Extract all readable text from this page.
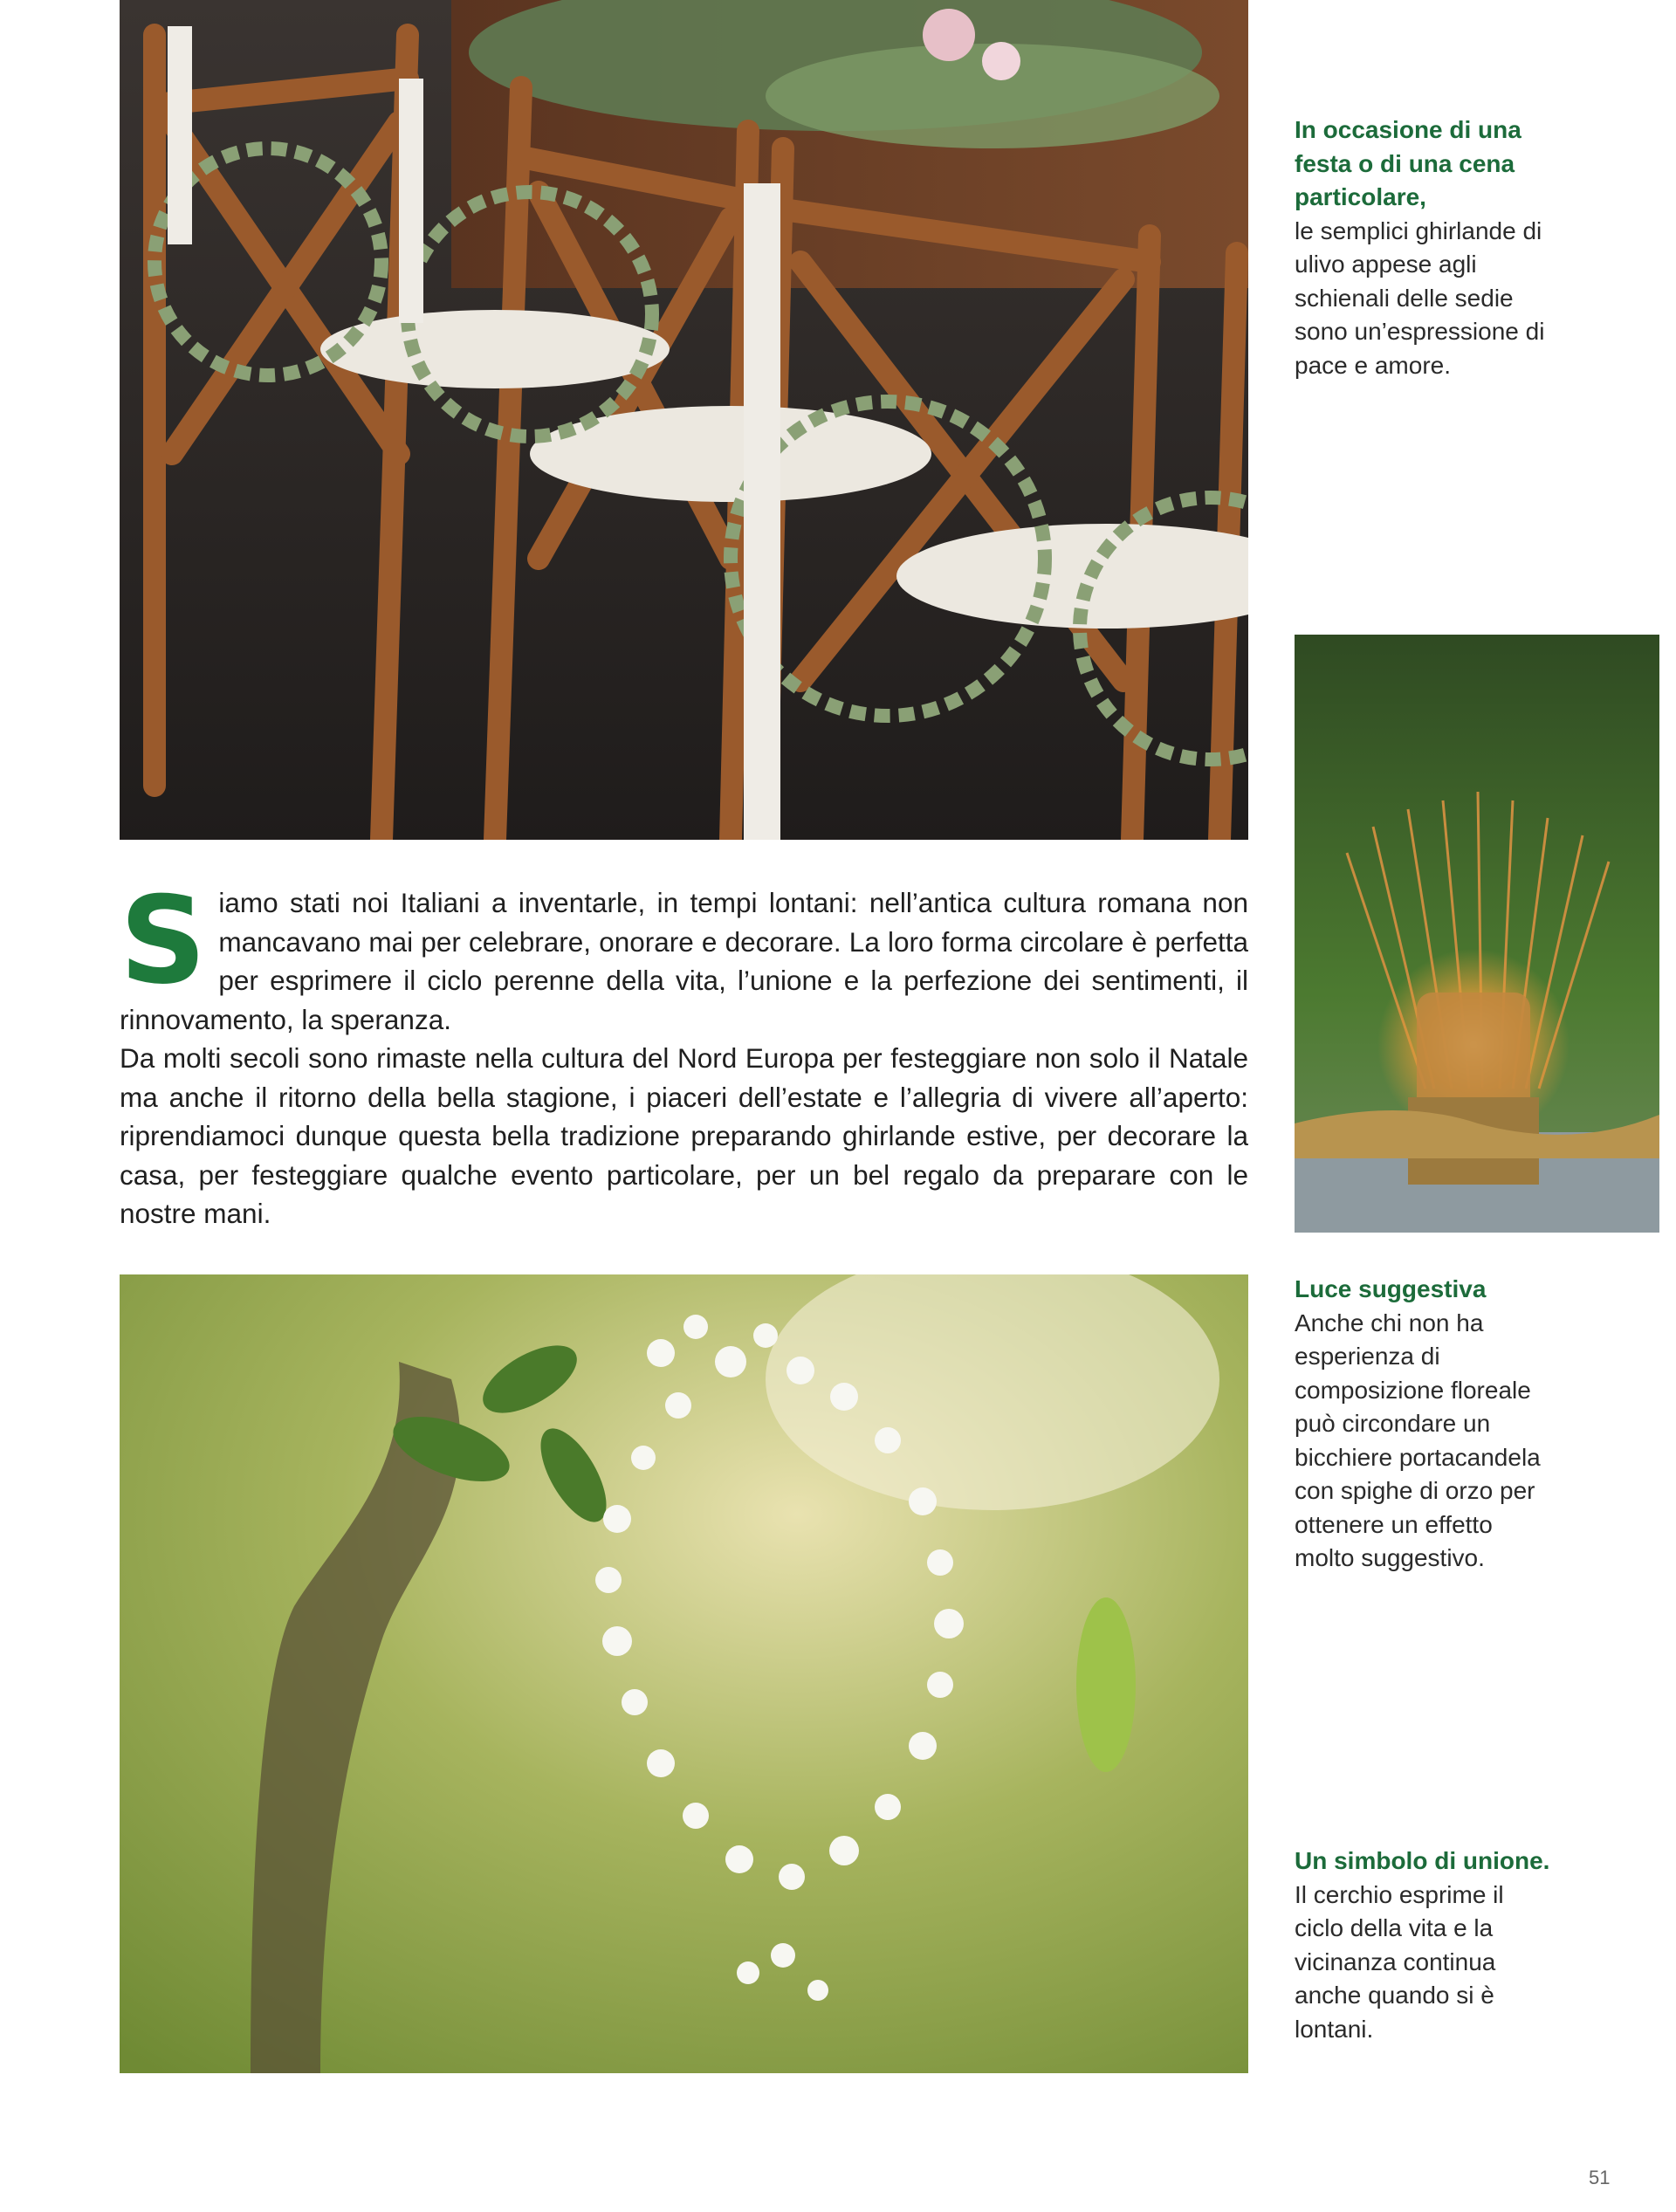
Siamo stati noi Italiani a inventarle, in tempi lontani: nell’antica cultura romana non mancavano mai per celebrare, onorare e decorare. La loro forma circolare è perfetta per esprimere il ciclo perenne della vita, l’unione e la perfezione dei sentimenti, il rinnovamento, la speranza.

Da molti secoli sono rimaste nella cultura del Nord Europa per festeggiare non solo il Natale ma anche il ritorno della bella stagione, i piaceri dell’estate e l’allegria di vivere all’aperto: riprendiamoci dunque questa bella tradizione preparando ghirlande estive, per decorare la casa, per festeggiare qualche evento particolare, per un bel regalo da preparare con le nostre mani.

In occasione di una festa o di una cena particolare,
le semplici ghirlande di ulivo appese agli schienali delle sedie sono un’espressione di pace e amore.
Luce suggestiva
Anche chi non ha esperienza di composizione floreale può circondare un bicchiere portacandela con spighe di orzo per ottenere un effetto molto suggestivo.
Un simbolo di unione.
Il cerchio esprime il ciclo della vita e la vicinanza continua anche quando si è lontani.
51
